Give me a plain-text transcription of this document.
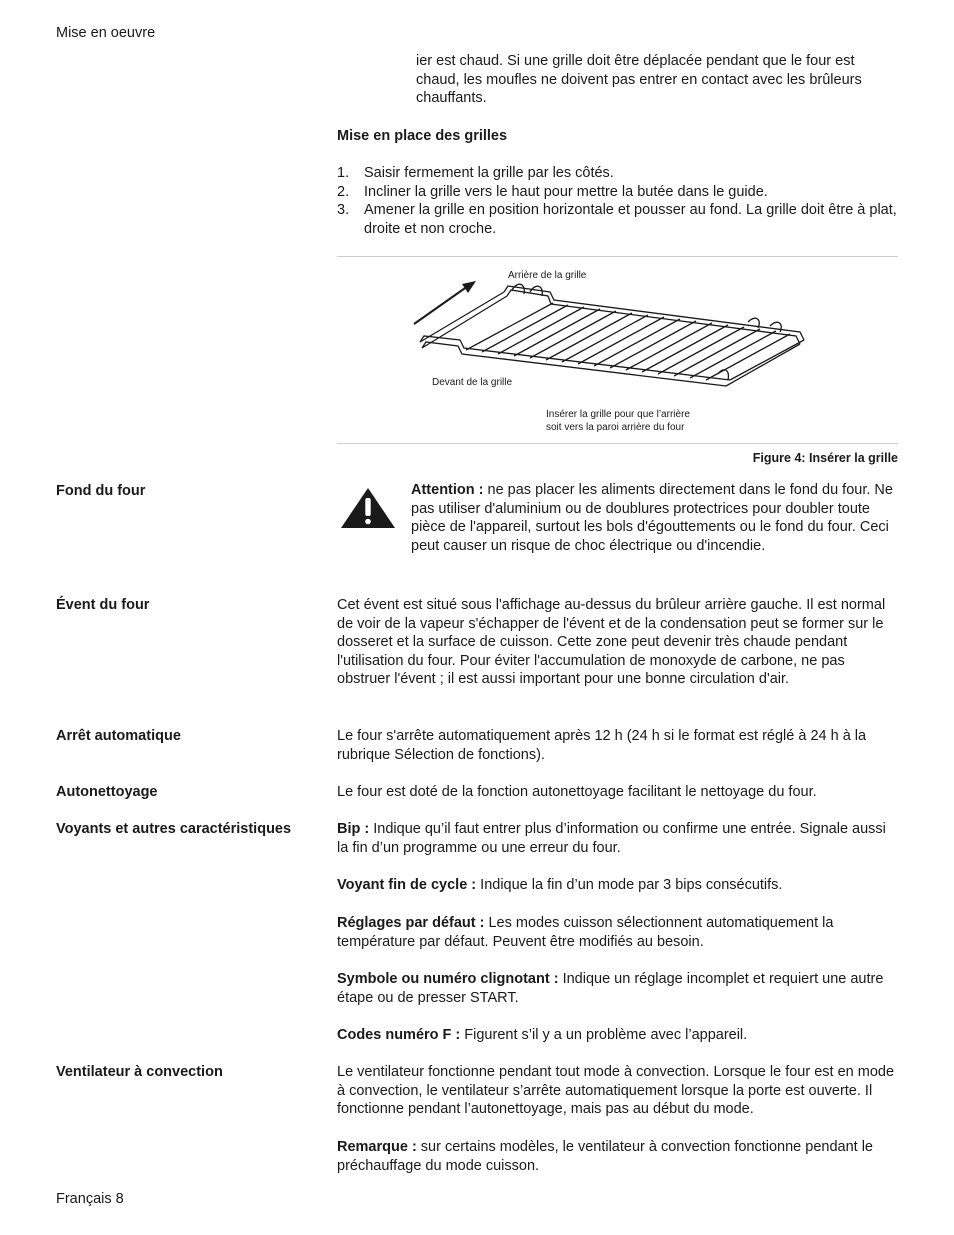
Mise en oeuvre
ier est chaud. Si une grille doit être déplacée pendant que le four est chaud, les moufles ne doivent pas entrer en contact avec les brûleurs chauffants.
Mise en place des grilles
1. Saisir fermement la grille par les côtés.
2. Incliner la grille vers le haut pour mettre la butée dans le guide.
3. Amener la grille en position horizontale et pousser au fond. La grille doit être à plat, droite et non croche.
Arrière de la grille
Devant de la grille
Insérer la grille pour que l’arrière
soit vers la paroi arrière du four
Figure 4: Insérer la grille
Fond du four	Attention : ne pas placer les aliments directement dans le fond du four. Ne pas utiliser d'aluminium ou de doublures protectrices pour doubler toute pièce de l'appareil, surtout les bols d'égouttements ou le fond du four. Ceci peut causer un risque de choc électrique ou d'incendie.
Évent du four	Cet évent est situé sous l'affichage au-dessus du brûleur arrière gauche. Il est normal de voir de la vapeur s'échapper de l'évent et de la condensation peut se former sur le dosseret et la surface de cuisson. Cette zone peut devenir très chaude pendant l'utilisation du four. Pour éviter l'accumulation de monoxyde de carbone, ne pas obstruer l'évent ; il est aussi important pour une bonne circulation d'air.
Arrêt automatique	Le four s'arrête automatiquement après 12 h (24 h si le format est réglé à 24 h à la rubrique Sélection de fonctions).
Autonettoyage	Le four est doté de la fonction autonettoyage facilitant le nettoyage du four.
Voyants et autres caractéristiques	Bip : Indique qu’il faut entrer plus d’information ou confirme une entrée. Signale aussi la fin d’un programme ou une erreur du four.
Voyant fin de cycle : Indique la fin d’un mode par 3 bips consécutifs.
Réglages par défaut : Les modes cuisson sélectionnent automatiquement la température par défaut. Peuvent être modifiés au besoin.
Symbole ou numéro clignotant : Indique un réglage incomplet et requiert une autre étape ou de presser START.
Codes numéro F : Figurent s’il y a un problème avec l’appareil.
Ventilateur à convection	Le ventilateur fonctionne pendant tout mode à convection. Lorsque le four est en mode à convection, le ventilateur s’arrête automatiquement lorsque la porte est ouverte. Il fonctionne pendant l’autonettoyage, mais pas au début du mode.
Remarque : sur certains modèles, le ventilateur à convection fonctionne pendant le préchauffage du mode cuisson.
Français 8
